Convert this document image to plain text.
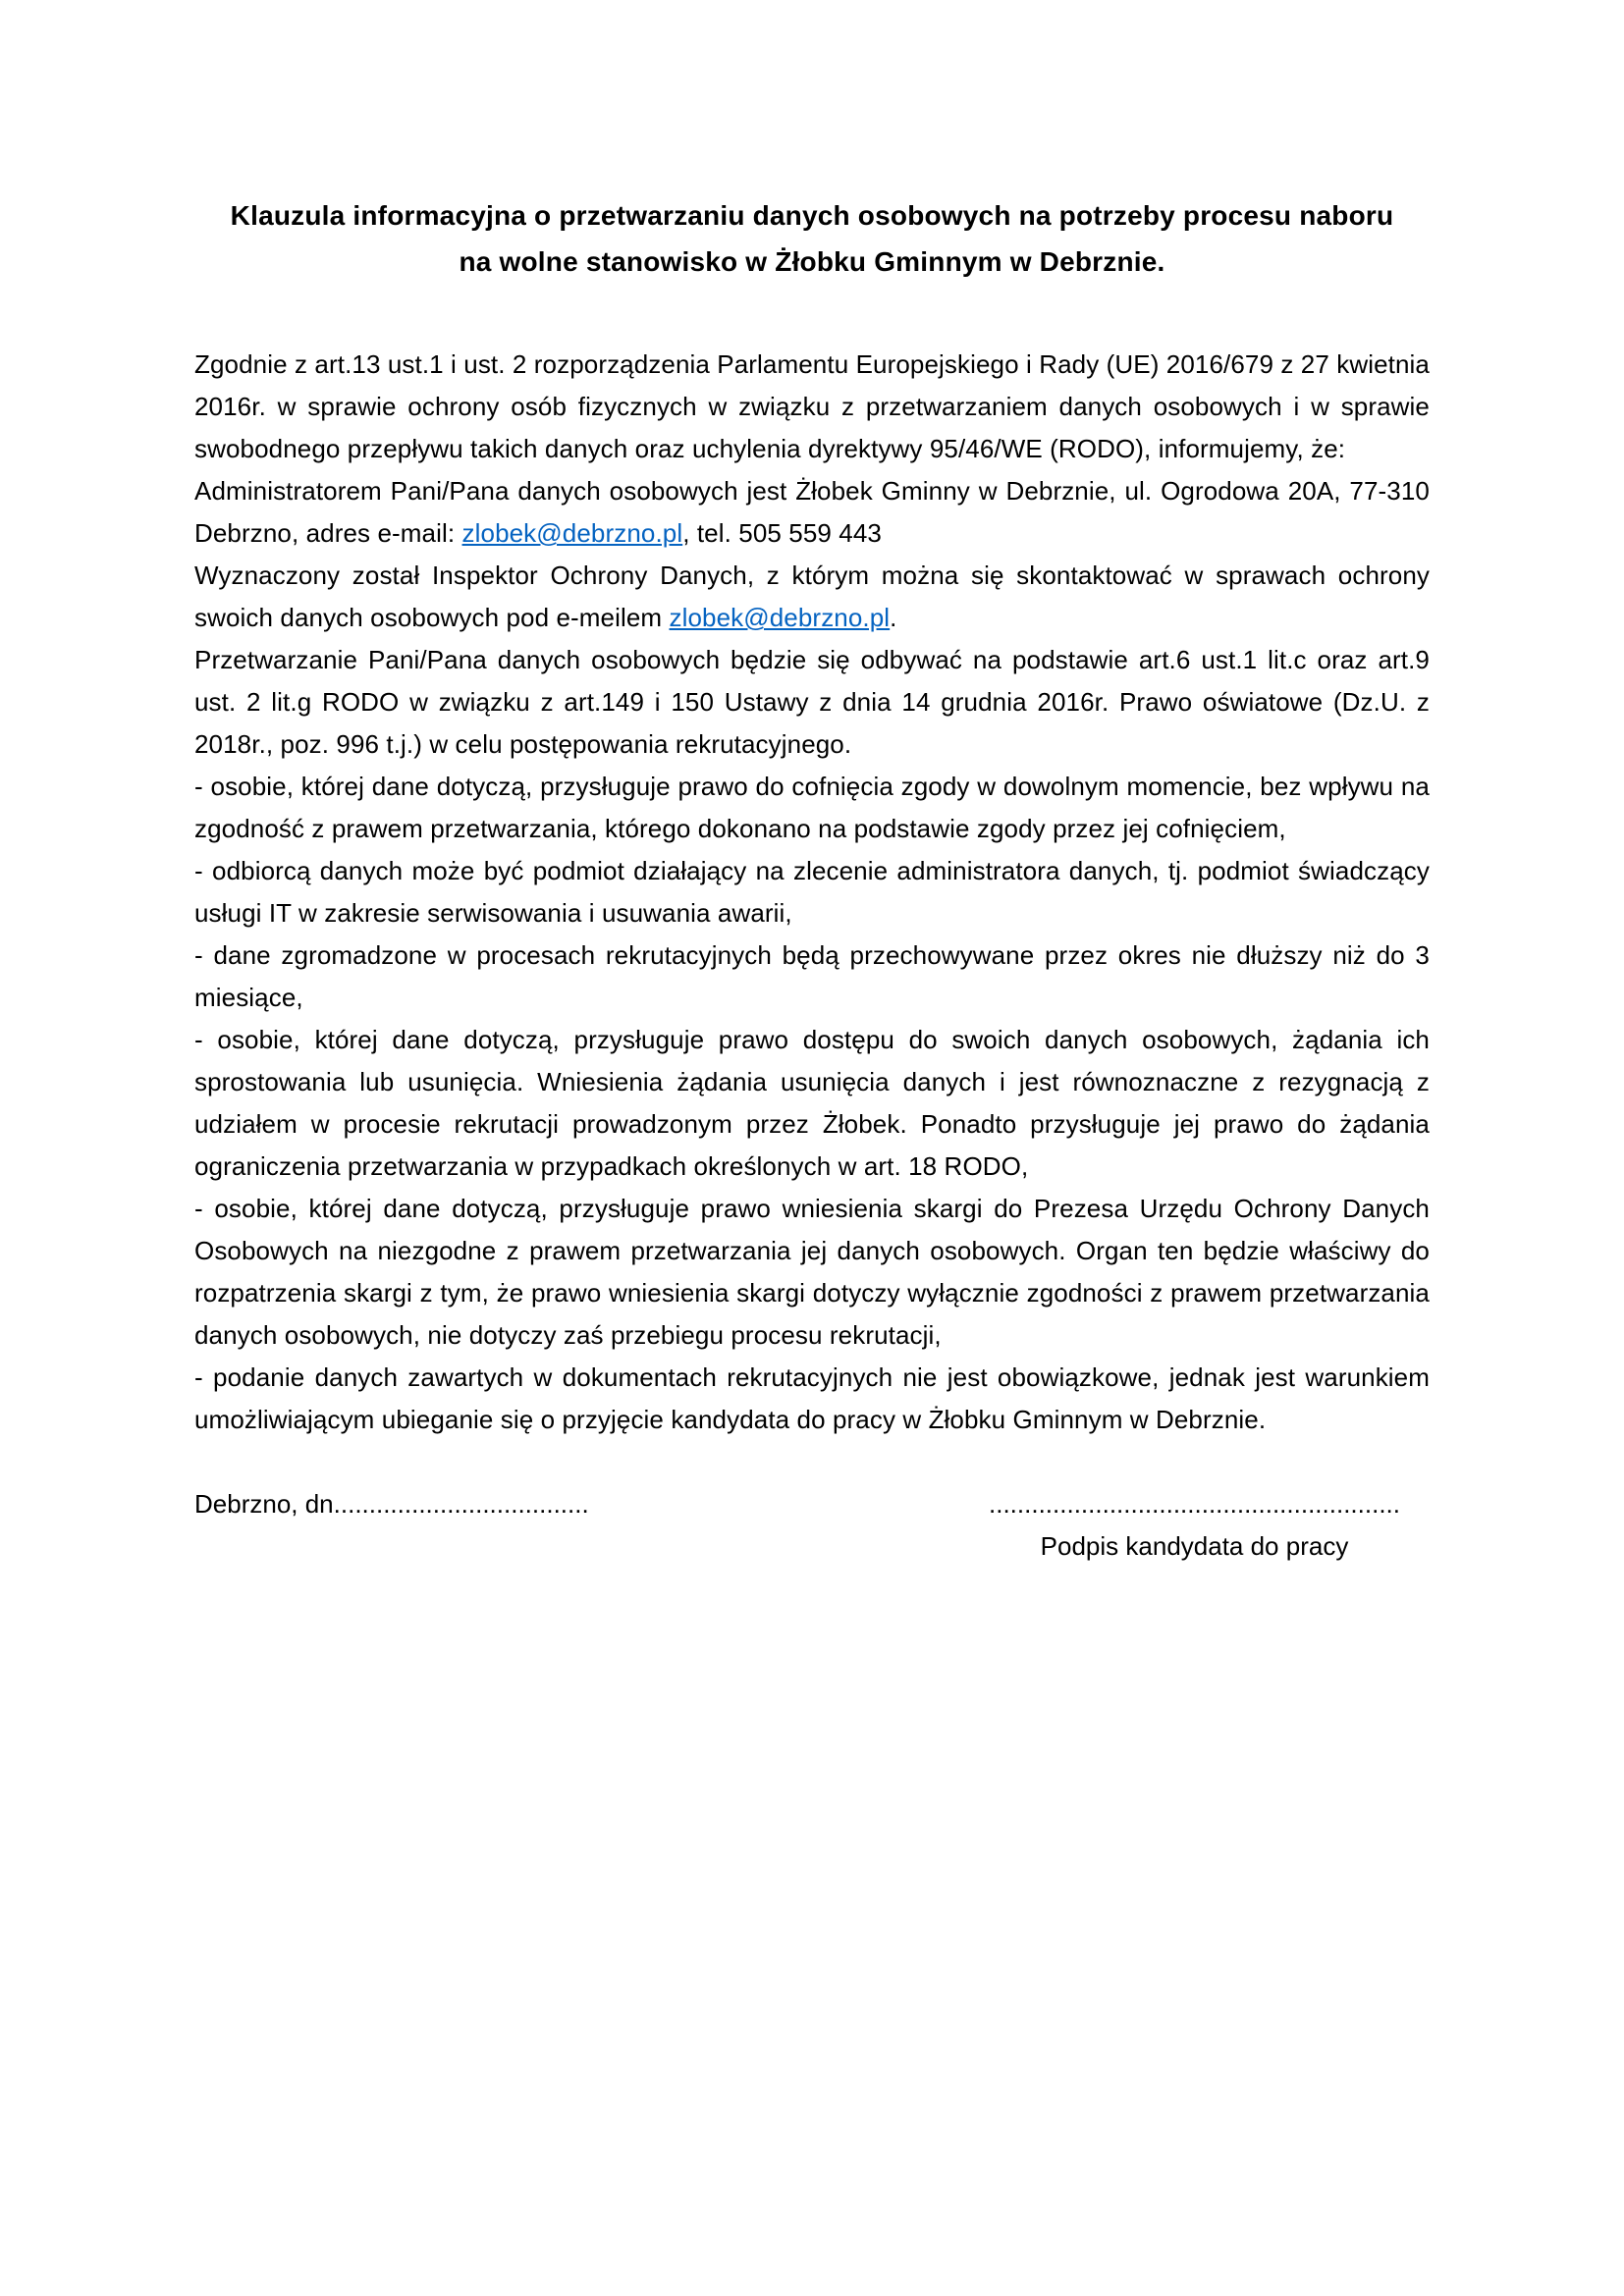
Klauzula informacyjna o przetwarzaniu danych osobowych na potrzeby procesu naboru
na wolne stanowisko w Żłobku Gminnym w Debrznie.

Zgodnie z art.13 ust.1 i ust. 2 rozporządzenia Parlamentu Europejskiego i Rady (UE) 2016/679 z 27 kwietnia 2016r. w sprawie ochrony osób fizycznych w związku z przetwarzaniem danych osobowych i w sprawie swobodnego przepływu takich danych oraz uchylenia dyrektywy 95/46/WE (RODO), informujemy, że:

Administratorem Pani/Pana danych osobowych jest Żłobek Gminny w Debrznie, ul. Ogrodowa 20A, 77-310 Debrzno, adres e-mail: zlobek@debrzno.pl, tel. 505 559 443

Wyznaczony został Inspektor Ochrony Danych, z którym można się skontaktować w sprawach ochrony swoich danych osobowych pod e-meilem zlobek@debrzno.pl.

Przetwarzanie Pani/Pana danych osobowych będzie się odbywać na podstawie art.6 ust.1 lit.c oraz art.9 ust. 2 lit.g RODO w związku z art.149 i 150 Ustawy z dnia 14 grudnia 2016r. Prawo oświatowe (Dz.U. z 2018r., poz. 996 t.j.) w celu postępowania rekrutacyjnego.

- osobie, której dane dotyczą, przysługuje prawo do cofnięcia zgody w dowolnym momencie, bez wpływu na zgodność z prawem przetwarzania, którego dokonano na podstawie zgody przez jej cofnięciem,

- odbiorcą danych może być podmiot działający na zlecenie administratora danych, tj. podmiot świadczący usługi IT w zakresie serwisowania i usuwania awarii,

- dane zgromadzone w procesach rekrutacyjnych będą przechowywane przez okres nie dłuższy niż do 3 miesiące,

- osobie, której dane dotyczą, przysługuje prawo dostępu do swoich danych osobowych, żądania ich sprostowania lub usunięcia. Wniesienia żądania usunięcia danych i jest równoznaczne z rezygnacją z udziałem w procesie rekrutacji prowadzonym przez Żłobek. Ponadto przysługuje jej prawo do żądania ograniczenia przetwarzania w przypadkach określonych w art. 18 RODO,

- osobie, której dane dotyczą, przysługuje prawo wniesienia skargi do Prezesa Urzędu Ochrony Danych Osobowych na niezgodne z prawem przetwarzania jej danych osobowych. Organ ten będzie właściwy do rozpatrzenia skargi z tym, że prawo wniesienia skargi dotyczy wyłącznie zgodności z prawem przetwarzania danych osobowych, nie dotyczy zaś przebiegu procesu rekrutacji,

- podanie danych zawartych w dokumentach rekrutacyjnych nie jest obowiązkowe, jednak jest warunkiem umożliwiającym ubieganie się o przyjęcie kandydata do pracy w Żłobku Gminnym w Debrznie.

Debrzno, dn....................................	..........................................................
Podpis kandydata do pracy
